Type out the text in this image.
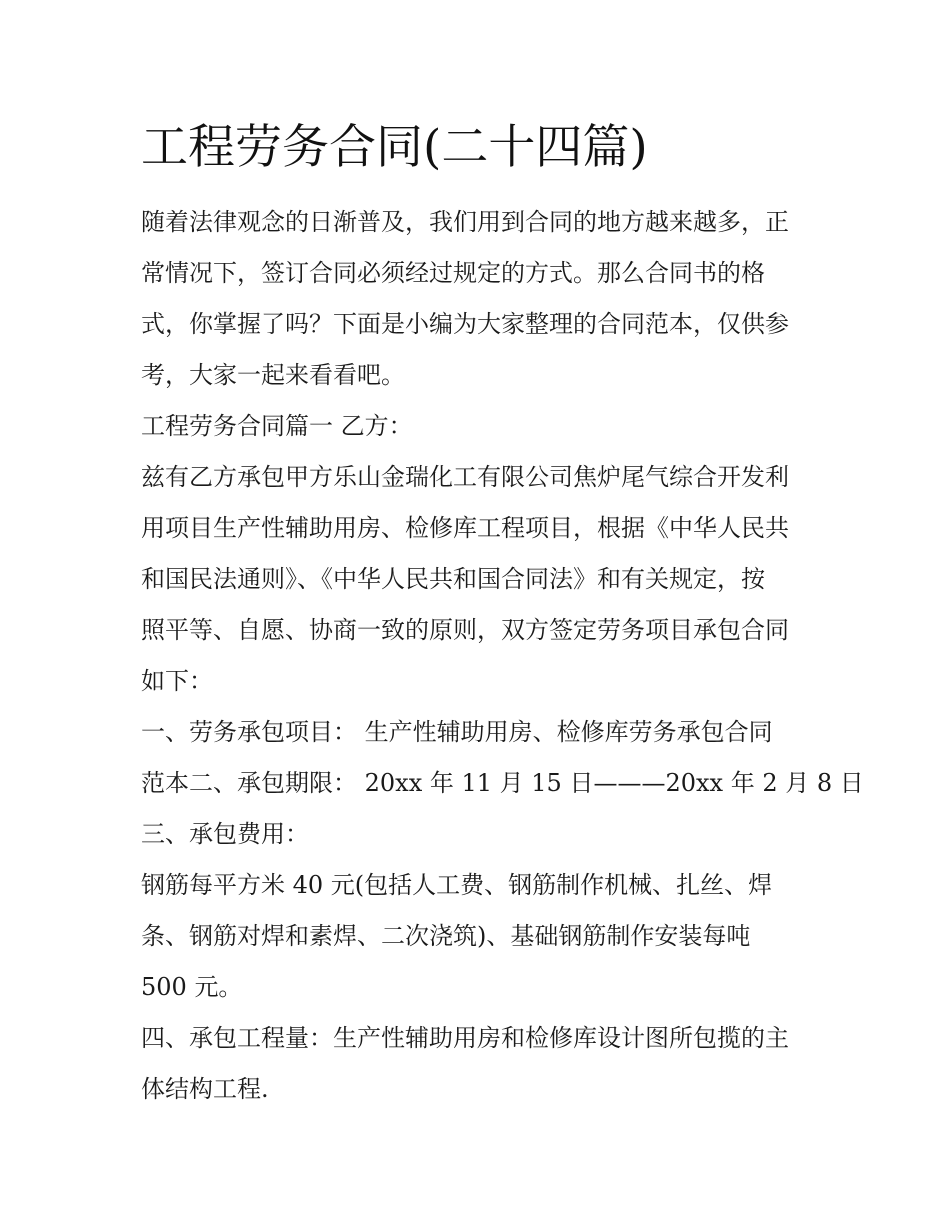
工程劳务合同(二十四篇)

随着法律观念的日渐普及，我们用到合同的地方越来越多，正

常情况下，签订合同必须经过规定的方式。那么合同书的格

式，你掌握了吗？下面是小编为大家整理的合同范本，仅供参

考，大家一起来看看吧。

工程劳务合同篇一 乙方：

兹有乙方承包甲方乐山金瑞化工有限公司焦炉尾气综合开发利

用项目生产性辅助用房、检修库工程项目，根据《中华人民共

和国民法通则》、《中华人民共和国合同法》和有关规定，按

照平等、自愿、协商一致的原则，双方签定劳务项目承包合同

如下：

一、劳务承包项目： 生产性辅助用房、检修库劳务承包合同

范本二、承包期限： 20xx 年 11 月 15 日———20xx 年 2 月 8 日

三、承包费用：

钢筋每平方米 40 元(包括人工费、钢筋制作机械、扎丝、焊

条、钢筋对焊和素焊、二次浇筑)、基础钢筋制作安装每吨

500 元。

四、承包工程量：生产性辅助用房和检修库设计图所包揽的主

体结构工程.
